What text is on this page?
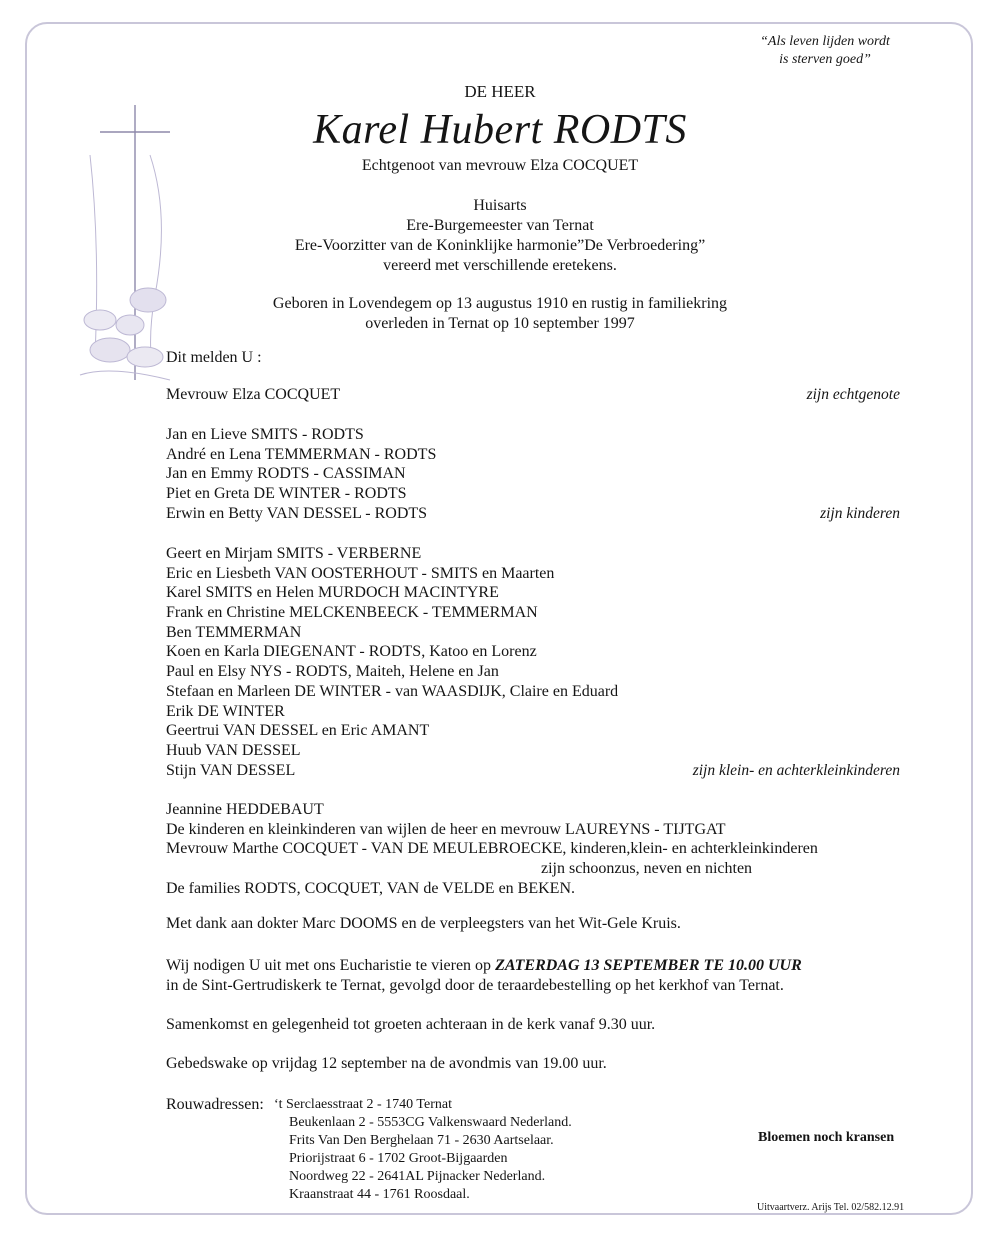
“Als leven lijden wordt
is sterven goed”
DE HEER
Karel Hubert RODTS
Echtgenoot van mevrouw Elza COCQUET
Huisarts
Ere-Burgemeester van Ternat
Ere-Voorzitter van de Koninklijke harmonie”De Verbroedering”
vereerd met verschillende eretekens.
Geboren in Lovendegem op 13 augustus 1910 en rustig in familiekring
overleden in Ternat op 10 september 1997
Dit melden U :
Mevrouw Elza COCQUET	zijn echtgenote
Jan en Lieve SMITS - RODTS
André en Lena TEMMERMAN - RODTS
Jan en Emmy RODTS - CASSIMAN
Piet en Greta DE WINTER - RODTS
Erwin en Betty VAN DESSEL - RODTS	zijn kinderen
Geert en Mirjam SMITS - VERBERNE
Eric en Liesbeth VAN OOSTERHOUT - SMITS en Maarten
Karel SMITS en Helen MURDOCH MACINTYRE
Frank en Christine MELCKENBEECK - TEMMERMAN
Ben TEMMERMAN
Koen en Karla DIEGENANT - RODTS, Katoo en Lorenz
Paul en Elsy NYS - RODTS, Maiteh, Helene en Jan
Stefaan en Marleen DE WINTER - van WAASDIJK, Claire en Eduard
Erik DE WINTER
Geertrui VAN DESSEL en Eric AMANT
Huub VAN DESSEL
Stijn VAN DESSEL	zijn klein- en achterkleinkinderen
Jeannine HEDDEBAUT
De kinderen en kleinkinderen van wijlen de heer en mevrouw LAUREYNS - TIJTGAT
Mevrouw Marthe COCQUET - VAN DE MEULEBROECKE, kinderen,klein- en achterkleinkinderen
zijn schoonzus, neven en nichten
De families RODTS, COCQUET, VAN de VELDE en BEKEN.
Met dank aan dokter Marc DOOMS en de verpleegsters van het Wit-Gele Kruis.
Wij nodigen U uit met ons Eucharistie te vieren op ZATERDAG 13 SEPTEMBER TE 10.00 UUR
in de Sint-Gertrudiskerk te Ternat, gevolgd door de teraardebestelling op het kerkhof van Ternat.
Samenkomst en gelegenheid tot groeten achteraan in de kerk vanaf 9.30 uur.
Gebedswake op vrijdag 12 september na de avondmis van 19.00 uur.
Rouwadressen: ‘t Serclaesstraat 2 - 1740 Ternat
Beukenlaan 2 - 5553CG Valkenswaard Nederland.
Frits Van Den Berghelaan 71 - 2630 Aartselaar.
Priorijstraat 6 - 1702 Groot-Bijgaarden
Noordweg 22 - 2641AL Pijnacker Nederland.
Kraanstraat 44 - 1761 Roosdaal.
Bloemen noch kransen
Uitvaartverz. Arijs Tel. 02/582.12.91
